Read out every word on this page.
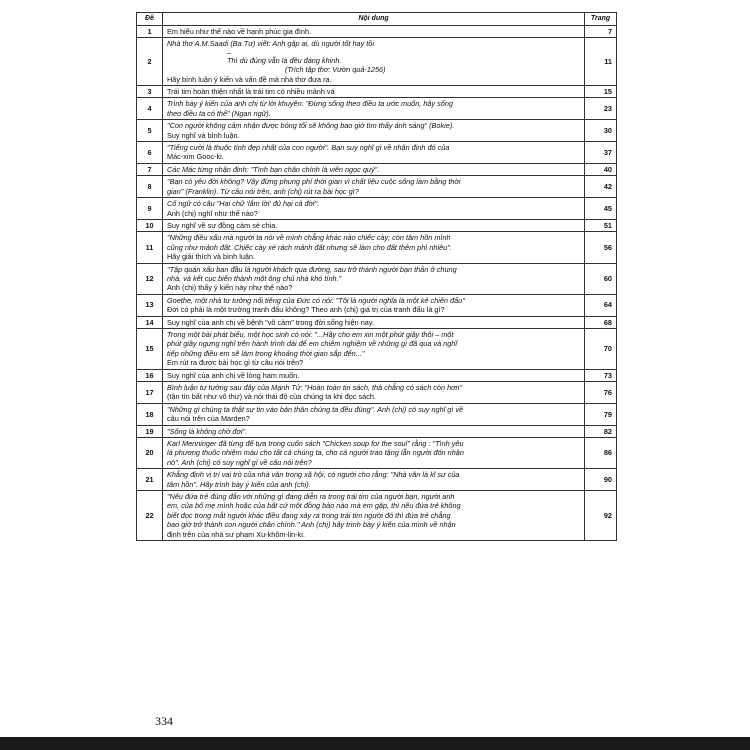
Đề	Nội dung	Trang
1	Em hiểu như thế nào về hạnh phúc gia đình.	7
2	Nhà thơ A.M.Saadi (Ba Tư) viết: Anh gặp ai, dù người tốt hay tồi
–
Thì dù đúng vẫn là đều đáng khinh.
(Trích tập thơ: Vườn quả-1256)
Hãy bình luận ý kiến và vấn đề mà nhà thơ đưa ra.	11
3	Trái tim hoàn thiện nhất là trái tim có nhiều mảnh vá	15
4	Trình bày ý kiến của anh chị từ lời khuyên: "Đừng sống theo điều ta ước muốn, hãy sống
theo điều ta có thể" (Ngạn ngữ).	23
5	"Con người không cảm nhận được bóng tối sẽ không bao giờ tìm thấy ánh sáng" (Bokie).
Suy nghĩ và bình luận.	30
6	"Tiếng cười là thuộc tính đẹp nhất của con người". Bạn suy nghĩ gì về nhận định đó của
Mác-xim Gooc-ki.	37
7	Các Mác từng nhận định: "Tình bạn chân chính là viên ngọc quý".	40
8	"Bạn có yêu đời không? Vậy đừng phung phí thời gian vì chất liệu cuộc sống làm bằng thời
gian" (Franklin). Từ câu nói trên, anh (chị) rút ra bài học gì?	42
9	Cổ ngữ có câu "Hai chữ 'lắm lời' đủ hại cả đời".
Anh (chị) nghĩ như thế nào?	45
10	Suy nghĩ về sự đồng cảm sẻ chia.	51
11	"Những điều xấu mà người ta nói về mình chẳng khác nào chiếc cày; còn tâm hồn mình
cũng như mảnh đất. Chiếc cày xé rách mảnh đất nhưng sẽ làm cho đất thêm phì nhiêu".
Hãy giải thích và bình luận.	56
12	"Tập quán xấu ban đầu là người khách qua đường, sau trở thành người bạn thân ở chung
nhà, và kết cục biến thành một ông chủ nhà khó tính."
Anh (chị) thấy ý kiến này như thế nào?	60
13	Goethe, một nhà tư tưởng nổi tiếng của Đức có nói: "Tôi là người nghĩa là một kẻ chiến đấu"
Đời có phải là một trường tranh đấu không? Theo anh (chị) giá trị của tranh đấu là gì?	64
14	Suy nghĩ của anh chị về bệnh "vô cảm" trong đời sống hiện nay.	68
15	Trong một bài phát biểu, một học sinh có nói: "...Hãy cho em xin một phút giây thôi – một
phút giây ngưng nghỉ trên hành trình dài để em chiêm nghiệm về những gì đã qua và nghĩ
tiếp những điều em sẽ làm trong khoảng thời gian sắp đến..."
Em rút ra được bài học gì từ câu nói trên?	70
16	Suy nghĩ của anh chị về lòng ham muốn.	73
17	Bình luận tư tưởng sau đây của Mạnh Tử: "Hoàn toàn tin sách, thà chẳng có sách còn hơn"
(tận tín bất như vô thư) và nói thái độ của chúng ta khi đọc sách.	76
18	"Những gì chúng ta thật sự tin vào bản thân chúng ta đều đúng". Anh (chị) có suy nghĩ gì về
câu nói trên của Marden?	79
19	"Sống là không chờ đợi".	82
20	Karl Menninger đã từng để tựa trong cuốn sách "Chicken soup for the soul" rằng : "Tình yêu
là phương thuốc nhiệm màu cho tất cả chúng ta, cho cả người trao tặng lẫn người đón nhận
nó". Anh (chị) có suy nghĩ gì về câu nói trên?	86
21	Khẳng định vị trí vai trò của nhà văn trong xã hội, có người cho rằng: "Nhà văn là kĩ sư của
tâm hồn". Hãy trình bày ý kiến của anh (chị).	90
22	"Nếu đứa trẻ đúng đắn với những gì đang diễn ra trong trái tim của người bạn, người anh
em, của bố mẹ mình hoặc của bất cứ một đồng bào nào mà em gặp, thì nếu đứa trẻ không
biết đọc trong mắt người khác điều đang xảy ra trong trái tim người đó thì đứa trẻ chẳng
bao giờ trở thành con người chân chính." Anh (chị) hãy trình bày ý kiến của mình về nhận
định trên của nhà sư phạm Xu-khôm-lin-ki.	92
334
